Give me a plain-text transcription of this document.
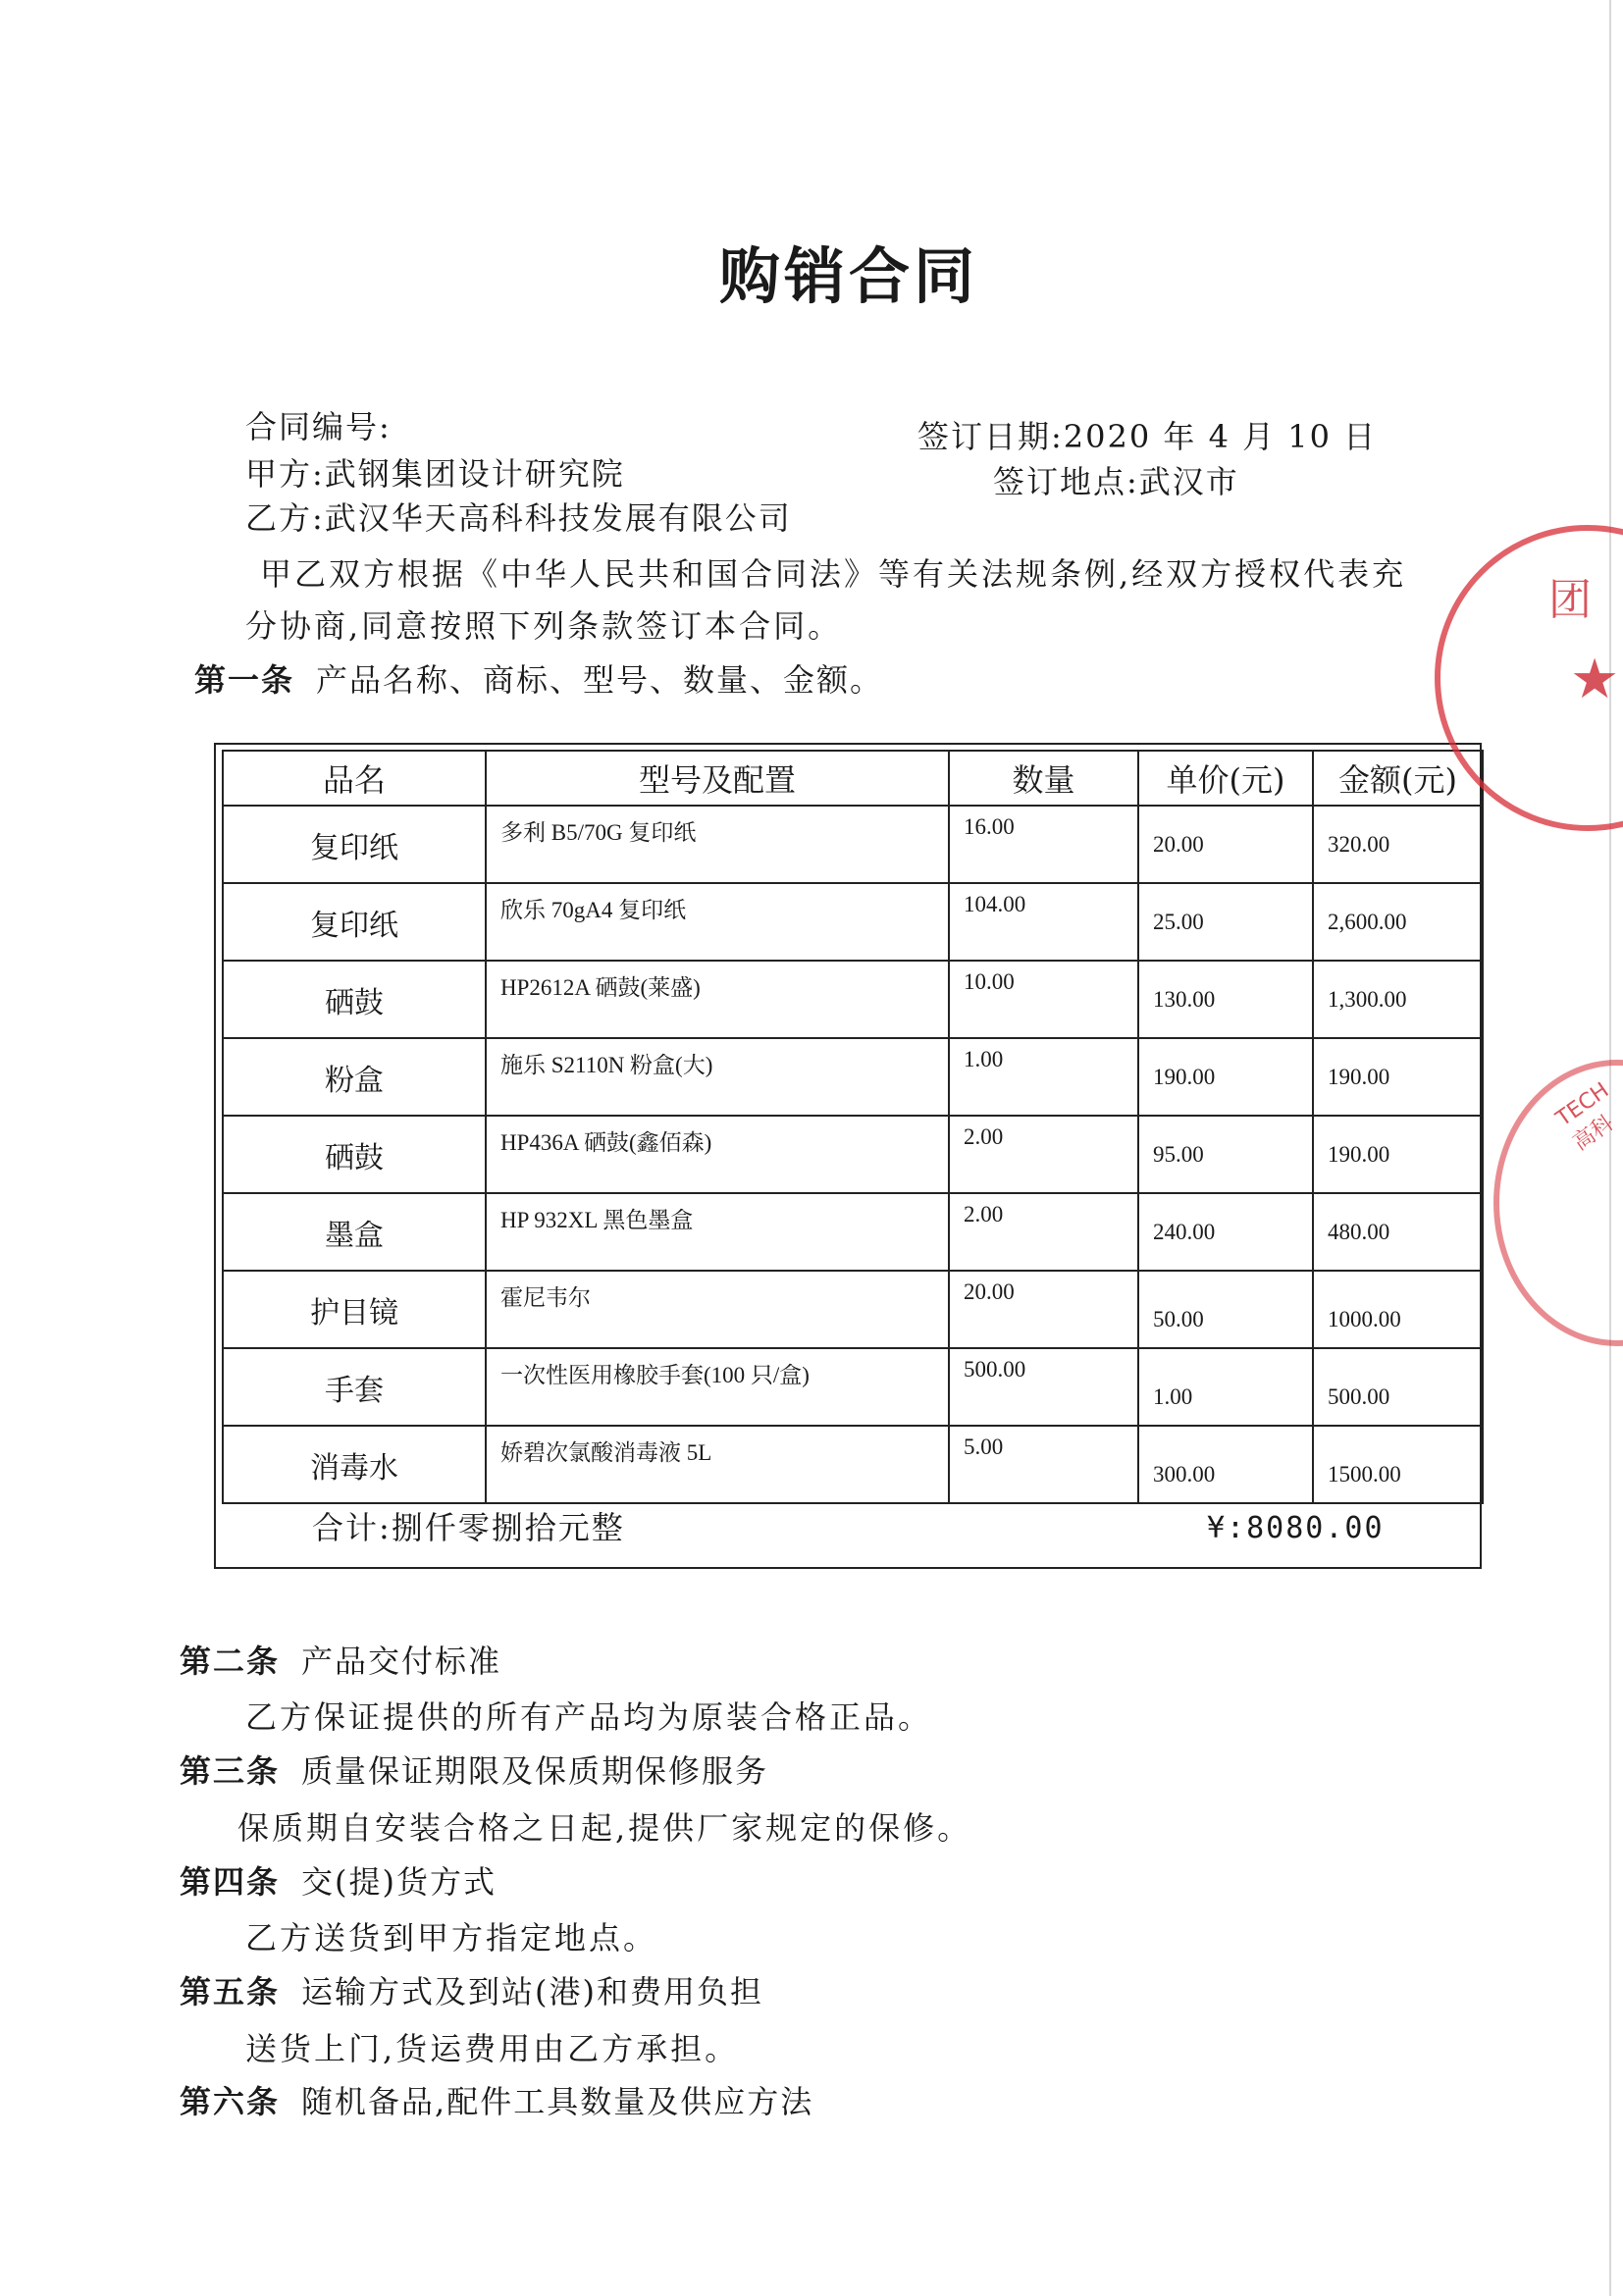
购销合同
合同编号:	签订日期:2020 年 4 月 10 日
甲方:武钢集团设计研究院	签订地点:武汉市
乙方:武汉华天高科科技发展有限公司
甲乙双方根据《中华人民共和国合同法》等有关法规条例,经双方授权代表充
分协商,同意按照下列条款签订本合同。
第一条 产品名称、商标、型号、数量、金额。
品名	型号及配置	数量	单价(元)	金额(元)
复印纸	多利 B5/70G 复印纸	16.00	20.00	320.00
复印纸	欣乐 70gA4 复印纸	104.00	25.00	2,600.00
硒鼓	HP2612A 硒鼓(莱盛)	10.00	130.00	1,300.00
粉盒	施乐 S2110N 粉盒(大)	1.00	190.00	190.00
硒鼓	HP436A 硒鼓(鑫佰森)	2.00	95.00	190.00
墨盒	HP 932XL 黑色墨盒	2.00	240.00	480.00
护目镜	霍尼韦尔	20.00	50.00	1000.00
手套	一次性医用橡胶手套(100 只/盒)	500.00	1.00	500.00
消毒水	娇碧次氯酸消毒液 5L	5.00	300.00	1500.00
合计:捌仟零捌拾元整	¥:8080.00
第二条 产品交付标准
乙方保证提供的所有产品均为原装合格正品。
第三条 质量保证期限及保质期保修服务
保质期自安装合格之日起,提供厂家规定的保修。
第四条 交(提)货方式
乙方送货到甲方指定地点。
第五条 运输方式及到站(港)和费用负担
送货上门,货运费用由乙方承担。
第六条 随机备品,配件工具数量及供应方法
团
★
TECH 高科
